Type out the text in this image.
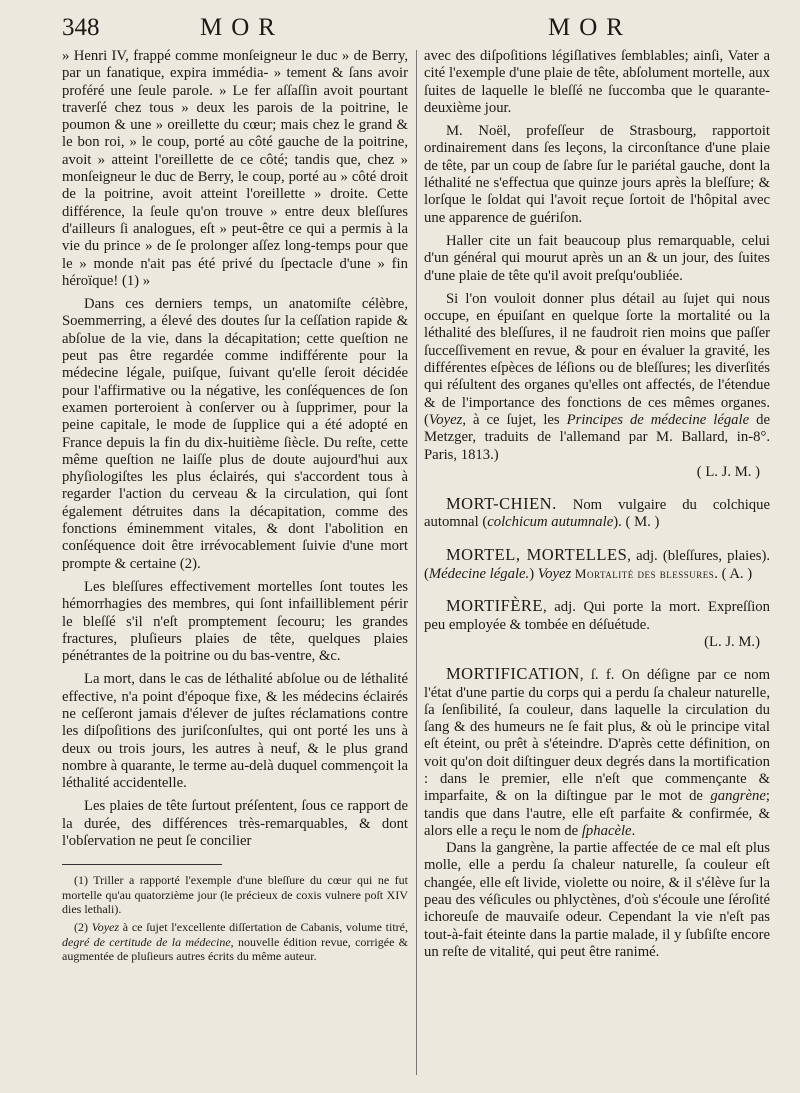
348	MOR	MOR

» Henri IV, frappé comme monſeigneur le duc » de Berry, par un fanatique, expira immédia- » tement & ſans avoir proféré une ſeule parole. » Le fer aſſaſſin avoit pourtant traverſé chez tous » deux les parois de la poitrine, le poumon & une » oreillette du cœur; mais chez le grand & le bon roi, » le coup, porté au côté gauche de la poitrine, avoit » atteint l'oreillette de ce côté; tandis que, chez » monſeigneur le duc de Berry, le coup, porté au » côté droit de la poitrine, avoit atteint l'oreillette » droite. Cette différence, la ſeule qu'on trouve » entre deux bleſſures d'ailleurs ſi analogues, eſt » peut-être ce qui a permis à la vie du prince » de ſe prolonger aſſez long-temps pour que le » monde n'ait pas été privé du ſpectacle d'une » fin héroïque! (1) »

Dans ces derniers temps, un anatomiſte célèbre, Soemmerring, a élevé des doutes ſur la ceſſation rapide & abſolue de la vie, dans la décapitation; cette queſtion ne peut pas être regardée comme indifférente pour la médecine légale, puiſque, ſuivant qu'elle ſeroit décidée pour l'affirmative ou la négative, les conſéquences de ſon examen porteroient à conſerver ou à ſupprimer, pour la peine capitale, le mode de ſupplice qui a été adopté en France depuis la fin du dix-huitième ſiècle. Du reſte, cette même queſtion ne laiſſe plus de doute aujourd'hui aux phyſiologiſtes les plus éclairés, qui s'accordent tous à regarder l'action du cerveau & la circulation, qui ſont également détruites dans la décapitation, comme des fonctions éminemment vitales, & dont l'abolition en conſéquence doit être irrévocablement ſuivie d'une mort prompte & certaine (2).

Les bleſſures effectivement mortelles ſont toutes les hémorrhagies des membres, qui ſont infailliblement périr le bleſſé s'il n'eſt promptement ſecouru; les grandes fractures, pluſieurs plaies de tête, quelques plaies pénétrantes de la poitrine ou du bas-ventre, &c.

La mort, dans le cas de léthalité abſolue ou de léthalité effective, n'a point d'époque fixe, & les médecins éclairés ne ceſſeront jamais d'élever de juſtes réclamations contre les diſpoſitions des juriſconſultes, qui ont porté les uns à deux ou trois jours, les autres à neuf, & le plus grand nombre à quarante, le terme au-delà duquel commençoit la léthalité accidentelle.

Les plaies de tête ſurtout préſentent, ſous ce rapport de la durée, des différences très-remarquables, & dont l'obſervation ne peut ſe concilier

(1) Triller a rapporté l'exemple d'une bleſſure du cœur qui ne fut mortelle qu'au quatorzième jour (le précieux de coxis vulnere poſt XIV dies lethali).

(2) Voyez à ce ſujet l'excellente diſſertation de Cabanis, volume titré, degré de certitude de la médecine, nouvelle édition revue, corrigée & augmentée de pluſieurs autres écrits du même auteur.

avec des diſpoſitions légiſlatives ſemblables; ainſi, Vater a cité l'exemple d'une plaie de tête, abſolument mortelle, aux ſuites de laquelle le bleſſé ne ſuccomba que le quarante-deuxième jour.

M. Noël, profeſſeur de Strasbourg, rapportoit ordinairement dans ſes leçons, la circonſtance d'une plaie de tête, par un coup de ſabre ſur le pariétal gauche, dont la léthalité ne s'effectua que quinze jours après la bleſſure; & lorſque le ſoldat qui l'avoit reçue ſortoit de l'hôpital avec une apparence de guériſon.

Haller cite un fait beaucoup plus remarquable, celui d'un général qui mourut après un an & un jour, des ſuites d'une plaie de tête qu'il avoit preſqu'oubliée.

Si l'on vouloit donner plus détail au ſujet qui nous occupe, en épuiſant en quelque ſorte la mortalité ou la léthalité des bleſſures, il ne faudroit rien moins que paſſer ſucceſſivement en revue, & pour en évaluer la gravité, les différentes eſpèces de léſions ou de bleſſures; les diverſités qui réſultent des organes qu'elles ont affectés, de l'étendue & de l'importance des fonctions de ces mêmes organes. (Voyez, à ce ſujet, les Principes de médecine légale de Metzger, traduits de l'allemand par M. Ballard, in-8°. Paris, 1813.)

( L. J. M. )

MORT-CHIEN. Nom vulgaire du colchique automnal (colchicum autumnale). ( M. )

MORTEL, MORTELLES, adj. (bleſſures, plaies). (Médecine légale.) Voyez Mortalité des blessures. ( A. )

MORTIFÈRE, adj. Qui porte la mort. Expreſſion peu employée & tombée en déſuétude.

(L. J. M.)

MORTIFICATION, ſ. f. On déſigne par ce nom l'état d'une partie du corps qui a perdu ſa chaleur naturelle, ſa ſenſibilité, ſa couleur, dans laquelle la circulation du ſang & des humeurs ne ſe fait plus, & où le principe vital eſt éteint, ou prêt à s'éteindre. D'après cette définition, on voit qu'on doit diſtinguer deux degrés dans la mortification : dans le premier, elle n'eſt que commençante & imparfaite, & on la diſtingue par le mot de gangrène; tandis que dans l'autre, elle eſt parfaite & confirmée, & alors elle a reçu le nom de ſphacèle.

Dans la gangrène, la partie affectée de ce mal eſt plus molle, elle a perdu ſa chaleur naturelle, ſa couleur eſt changée, elle eſt livide, violette ou noire, & il s'élève ſur la peau des véſicules ou phlyctènes, d'où s'écoule une ſéroſité ichoreuſe de mauvaiſe odeur. Cependant la vie n'eſt pas tout-à-fait éteinte dans la partie malade, il y ſubſiſte encore un reſte de vitalité, qui peut être ranimé.
